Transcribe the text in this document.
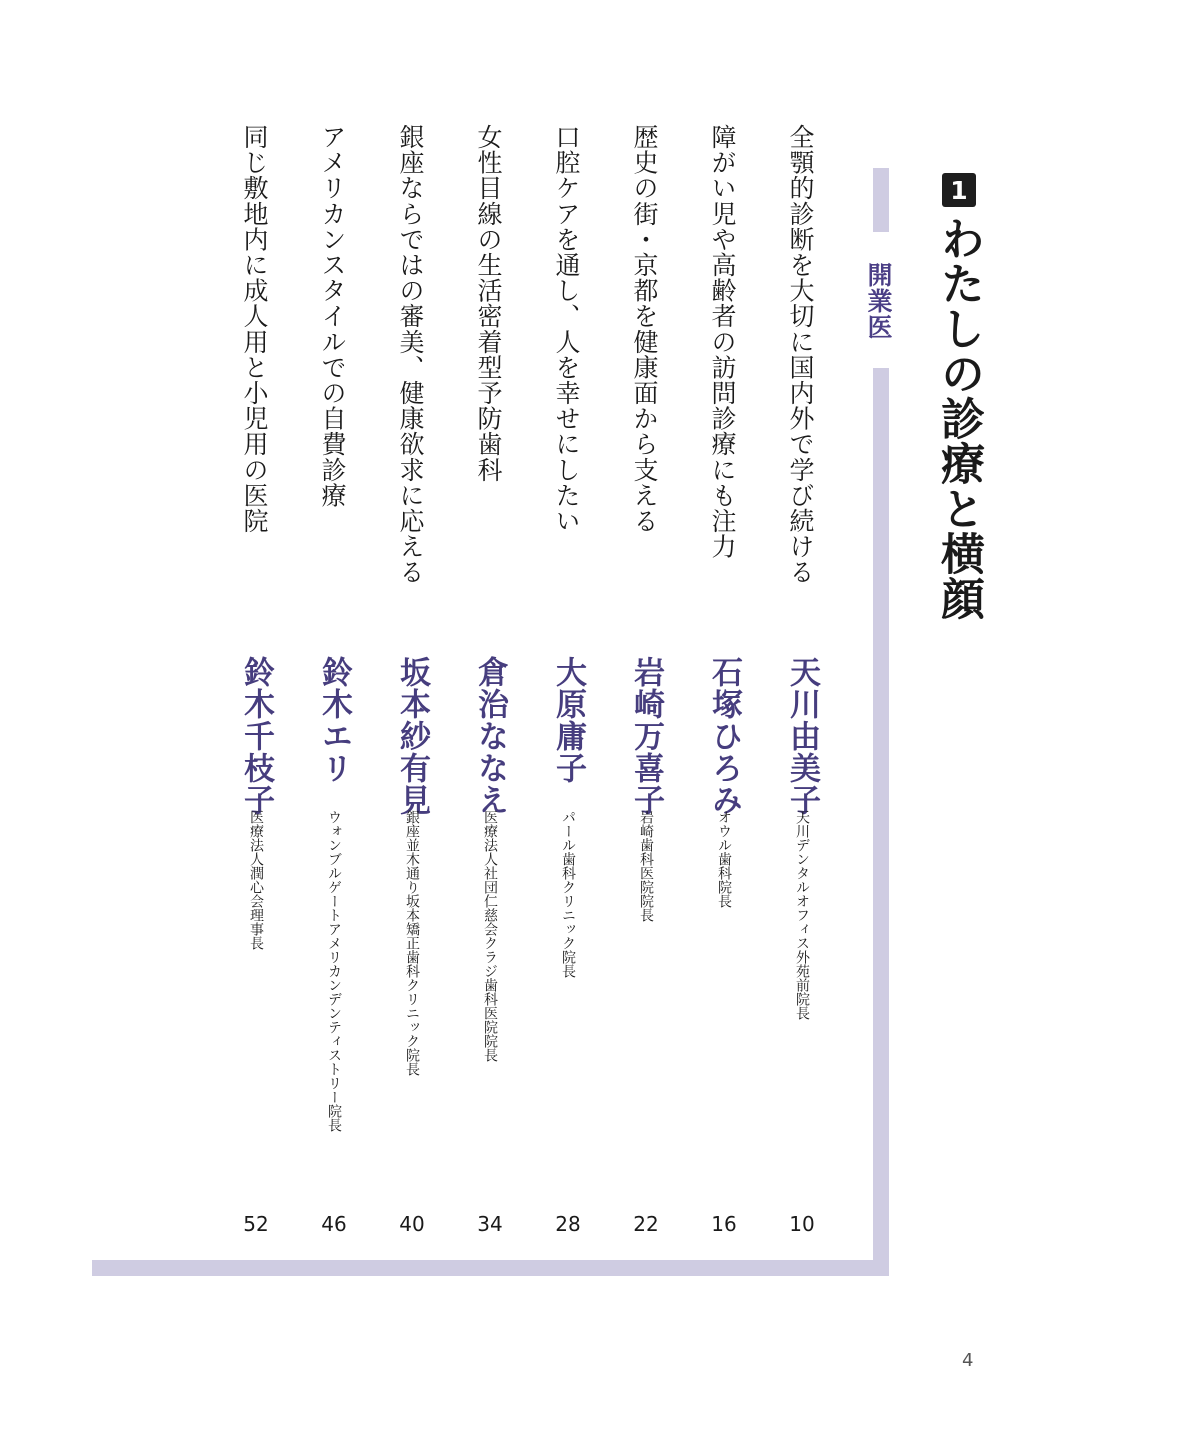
1
わたしの診療と横顔
開業医
全顎的診断を大切に国内外で学び続ける
天川由美子
天川デンタルオフィス外苑前院長
10
障がい児や高齢者の訪問診療にも注力
石塚ひろみ
オウル歯科院長
16
歴史の街・京都を健康面から支える
岩崎万喜子
岩崎歯科医院院長
22
口腔ケアを通し、人を幸せにしたい
大原庸子
パール歯科クリニック院長
28
女性目線の生活密着型予防歯科
倉治ななえ
医療法人社団仁慈会クラジ歯科医院院長
34
銀座ならではの審美、健康欲求に応える
坂本紗有見
銀座並木通り坂本矯正歯科クリニック院長
40
アメリカンスタイルでの自費診療
鈴木エリ
ウォンブルゲートアメリカンデンティストリー院長
46
同じ敷地内に成人用と小児用の医院
鈴木千枝子
医療法人潤心会理事長
52
4
